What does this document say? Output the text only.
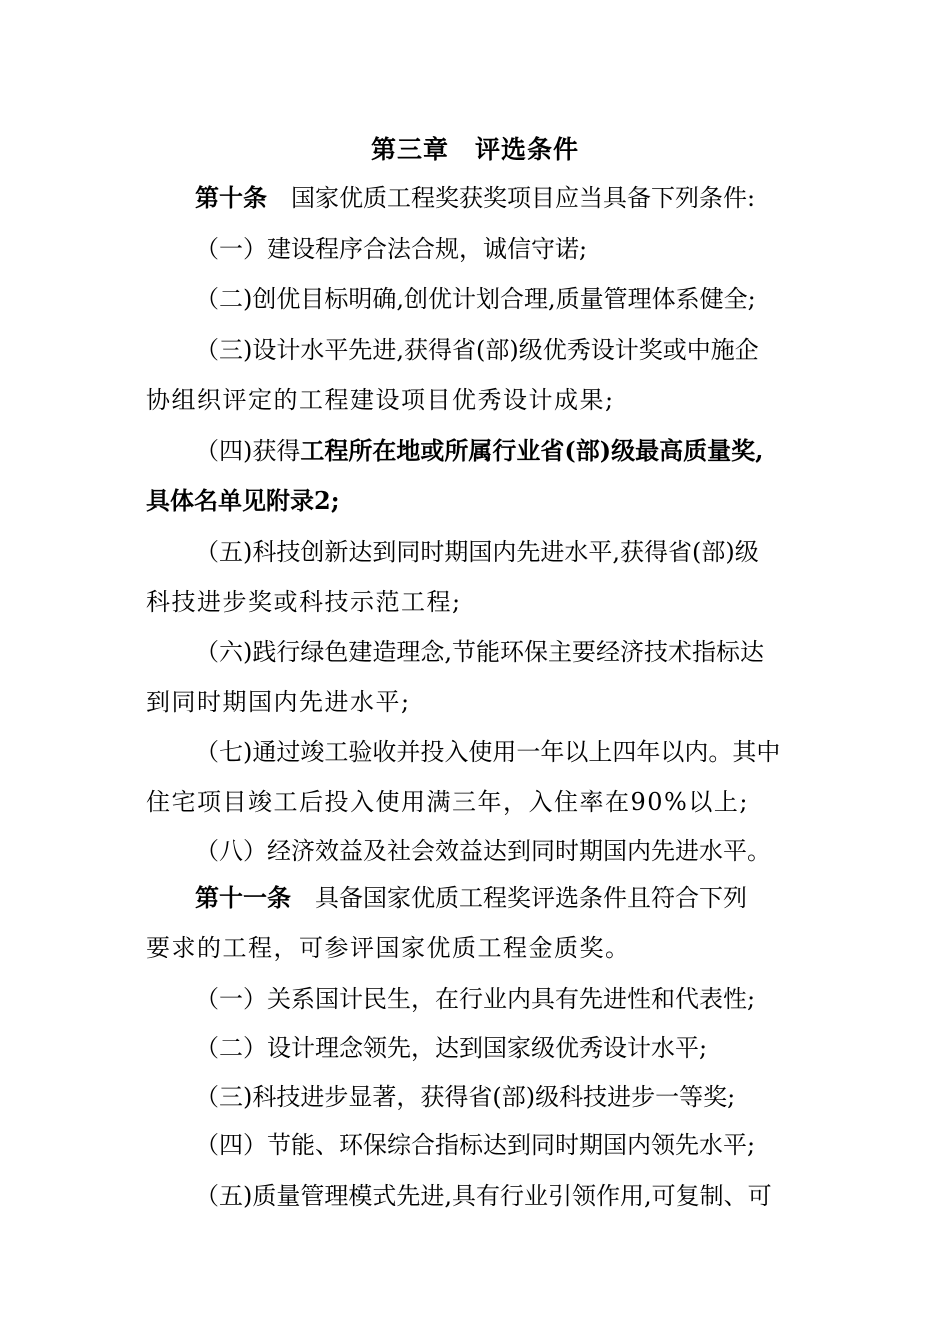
第三章　评选条件
第十条 国家优质工程奖获奖项目应当具备下列条件:
（一）建设程序合法合规，诚信守诺;
（二)创优目标明确,创优计划合理,质量管理体系健全;
（三)设计水平先进,获得省(部)级优秀设计奖或中施企
协组织评定的工程建设项目优秀设计成果;
（四)获得工程所在地或所属行业省(部)级最高质量奖,
具体名单见附录2;
（五)科技创新达到同时期国内先进水平,获得省(部)级
科技进步奖或科技示范工程;
（六)践行绿色建造理念,节能环保主要经济技术指标达
到同时期国内先进水平;
（七)通过竣工验收并投入使用一年以上四年以内。其中
住宅项目竣工后投入使用满三年，入住率在90%以上;
（八）经济效益及社会效益达到同时期国内先进水平。
第十一条 具备国家优质工程奖评选条件且符合下列
要求的工程，可参评国家优质工程金质奖。
（一）关系国计民生，在行业内具有先进性和代表性;
（二）设计理念领先，达到国家级优秀设计水平;
（三)科技进步显著，获得省(部)级科技进步一等奖;
（四）节能、环保综合指标达到同时期国内领先水平;
（五)质量管理模式先进,具有行业引领作用,可复制、可
